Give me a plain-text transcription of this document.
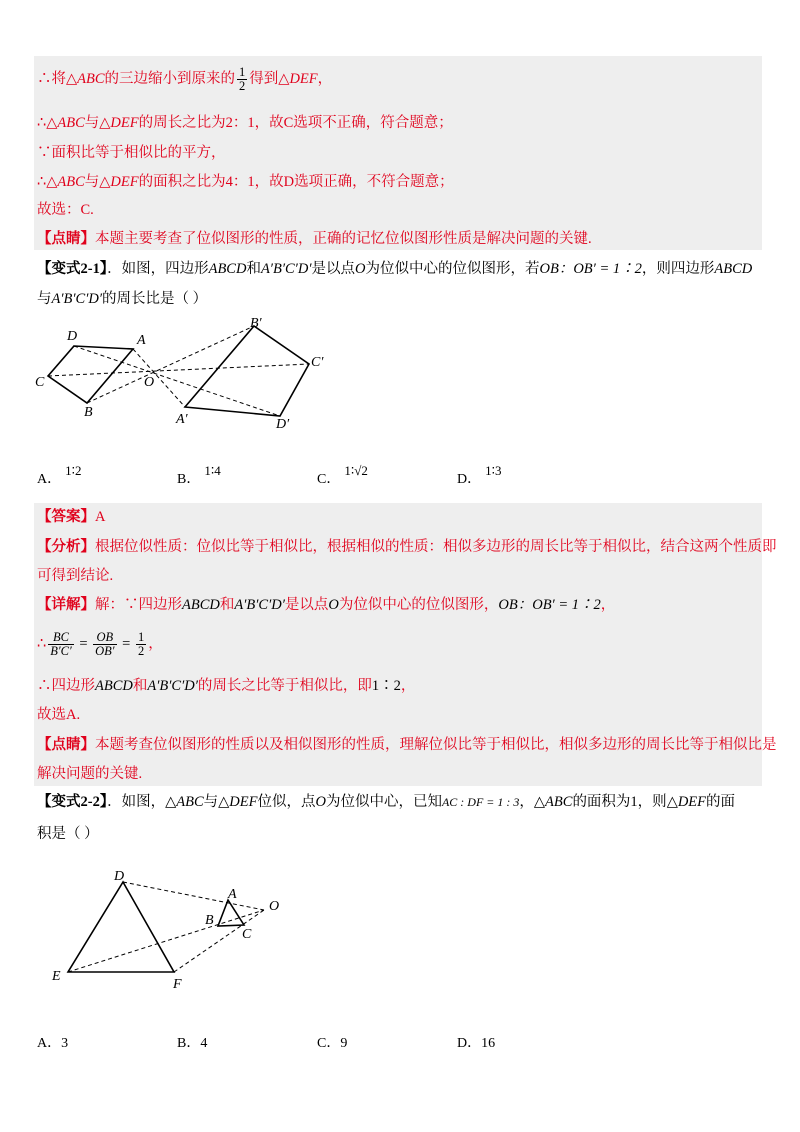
∴将△ABC的三边缩小到原来的 $\frac{1}{2}$ 得到△DEF，
∴△ABC与△DEF的周长之比为2：1，故C选项不正确，符合题意；
∵面积比等于相似比的平方，
∴△ABC与△DEF的面积之比为4：1，故D选项正确，不符合题意；
故选：C.
【点睛】本题主要考查了位似图形的性质，正确的记忆位似图形性质是解决问题的关键.
【变式2-1】．如图，四边形ABCD和A′B′C′D′是以点O为位似中心的位似图形，若OB：OB′ = 1∶2，则四边形ABCD
与A′B′C′D′的周长比是（ ）
D	A
C	O
B
B′
C′
A′	D′
A．1∶2
B．1∶4
C．1∶√2
D．1∶3
【答案】A
【分析】根据位似性质：位似比等于相似比，根据相似的性质：相似多边形的周长比等于相似比，结合这两个性质即
可得到结论.
【详解】解：∵四边形ABCD和A′B′C′D′是以点O为位似中心的位似图形，OB：OB′ = 1∶2，
∴ $\frac{BC}{B'C'} = \frac{OB}{OB'} = \frac{1}{2}$ ，
∴四边形ABCD和A′B′C′D′的周长之比等于相似比，即1∶2，
故选A.
【点睛】本题考查位似图形的性质以及相似图形的性质，理解位似比等于相似比，相似多边形的周长比等于相似比是
解决问题的关键.
【变式2-2】．如图，△ABC与△DEF位似，点O为位似中心，已知AC : DF = 1 : 3，△ABC的面积为1，则△DEF的面
积是（ ）
D
A
B
C
O
E
F
A．3	B．4	C．9	D．16
